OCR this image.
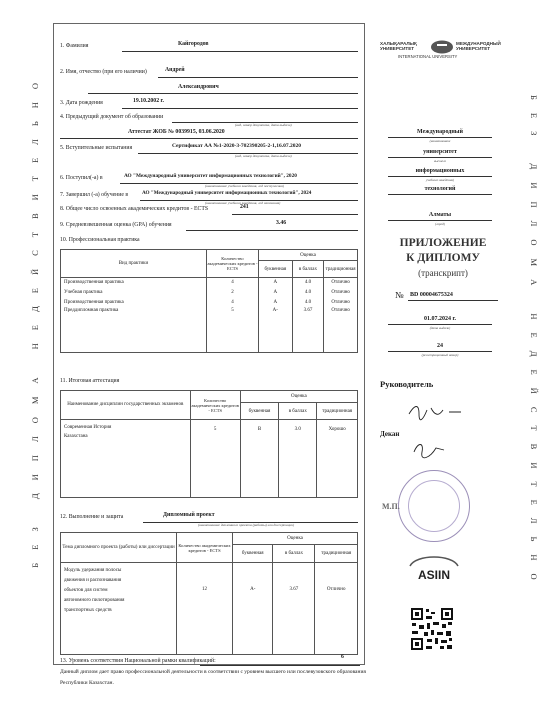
БЕЗ ДИПЛОМА НЕДЕЙСТВИТЕЛЬНО	БЕЗ ДИПЛОМА НЕДЕЙСТВИТЕЛЬНО
1. Фамилия	Кайгородов
2. Имя, отчество (при его наличии)	Андрей
Александрович
3. Дата рождения	19.10.2002 г.
4. Предыдущий документ об образовании
(вид, номер документа, дата выдачи)
Аттестат ЖОБ № 0039915, 03.06.2020
5. Вступительные испытания	Сертификат АА №1-2020-3-702390205-2-1,16.07.2020
(вид, номер документа, дата выдачи)
6. Поступил(-а) в	АО "Международный университет информационных технологий", 2020
(наименование учебного заведения, год поступления)
7. Завершил (-а) обучение в	АО "Международный университет информационных технологий", 2024
(наименование учебного заведения, год окончания)
8. Общее число освоенных академических кредитов - ECTS	241
9. Средневзвешенная оценка (GPA) обучения	3.46
10. Профессиональная практика
Вид практики	Количество академических кредитов - ECTS	Оценка		
		буквенная	в баллах	традиционная
Производственная практика	4	A	4.0	Отлично
Учебная практика	2	A	4.0	Отлично
Производственная практика	4	A	4.0	Отлично
Преддипломная практика	5	A-	3.67	Отлично
11. Итоговая аттестация
Наименование дисциплин государственных экзаменов	Количество академических кредитов - ECTS	Оценка		
		буквенная	в баллах	традиционная

Современная История
Казахстана	5	B	3.0	Хорошо
12. Выполнение и защита	Дипломный проект
(наименование дипломного проекта (работы) или диссертации)
Тема дипломного проекта (работы) или диссертации	Количество академических кредитов - ECTS	Оценка		
		буквенная	в баллах	традиционная

Модуль удержания полосы
движения и распознавания
объектов для систем
автономного пилотирования
транспортных средств	12	A-	3.67	Отлично
13. Уровень соответствия Национальной рамки квалификаций:
6
Данный диплом дает право профессиональной деятельности в соответствии с уровнем высшего или послевузовского образования
Республики Казахстан.
ХАЛЫҚАРАЛЫҚ
УНИВЕРСИТЕТ
МЕЖДУНАРОДНЫЙ
УНИВЕРСИТЕТ
INTERNATIONAL UNIVERSITY
Международный
(наименование
университет
высшего
информационных
учебного заведения)
технологий
Алматы
(город)
ПРИЛОЖЕНИЕ
К ДИПЛОМУ
(транскрипт)
№ BD 00004675324
01.07.2024 г.
(дата выдачи)
24
(регистрационный номер)
Руководитель
Декан
М.П.
ASIIN
